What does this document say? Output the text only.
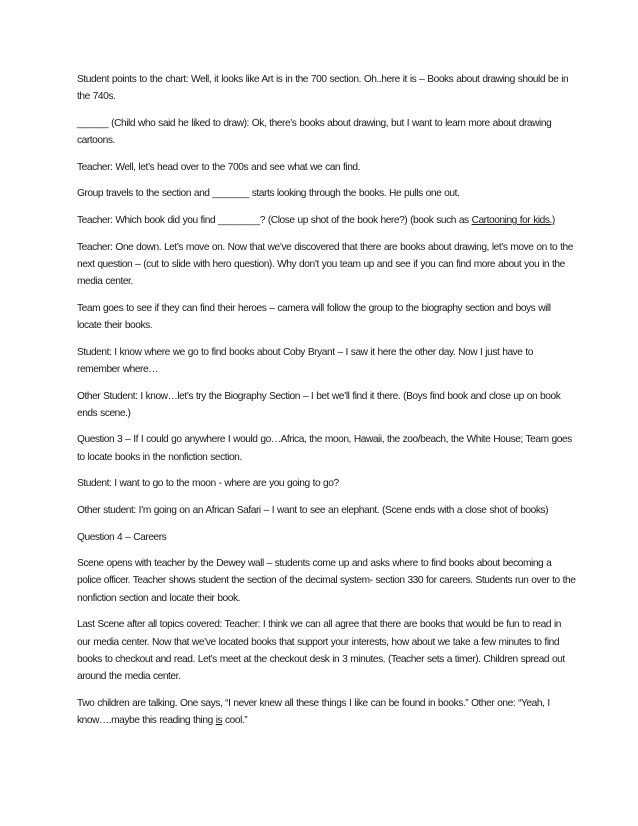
Student points to the chart: Well, it looks like Art is in the 700 section. Oh..here it is – Books about drawing should be in the 740s.

______ (Child who said he liked to draw): Ok, there’s books about drawing, but I want to learn more about drawing cartoons.

Teacher: Well, let’s head over to the 700s and see what we can find.

Group travels to the section and _______ starts looking through the books. He pulls one out.

Teacher: Which book did you find ________? (Close up shot of the book here?) (book such as Cartooning for kids.)

Teacher: One down. Let’s move on. Now that we’ve discovered that there are books about drawing, let’s move on to the next question – (cut to slide with hero question). Why don’t you team up and see if you can find more about you in the media center.

Team goes to see if they can find their heroes – camera will follow the group to the biography section and boys will locate their books.

Student: I know where we go to find books about Coby Bryant – I saw it here the other day. Now I just have to remember where…

Other Student: I know…let’s try the Biography Section – I bet we’ll find it there. (Boys find book and close up on book ends scene.)

Question 3 – If I could go anywhere I would go…Africa, the moon, Hawaii, the zoo/beach, the White House; Team goes to locate books in the nonfiction section.

Student: I want to go to the moon - where are you going to go?

Other student: I’m going on an African Safari – I want to see an elephant. (Scene ends with a close shot of books)

Question 4 – Careers

Scene opens with teacher by the Dewey wall – students come up and asks where to find books about becoming a police officer. Teacher shows student the section of the decimal system- section 330 for careers. Students run over to the nonfiction section and locate their book.

Last Scene after all topics covered: Teacher: I think we can all agree that there are books that would be fun to read in our media center. Now that we’ve located books that support your interests, how about we take a few minutes to find books to checkout and read. Let’s meet at the checkout desk in 3 minutes. (Teacher sets a timer). Children spread out around the media center.

Two children are talking. One says, “I never knew all these things I like can be found in books.” Other one: “Yeah, I know….maybe this reading thing is cool.”
